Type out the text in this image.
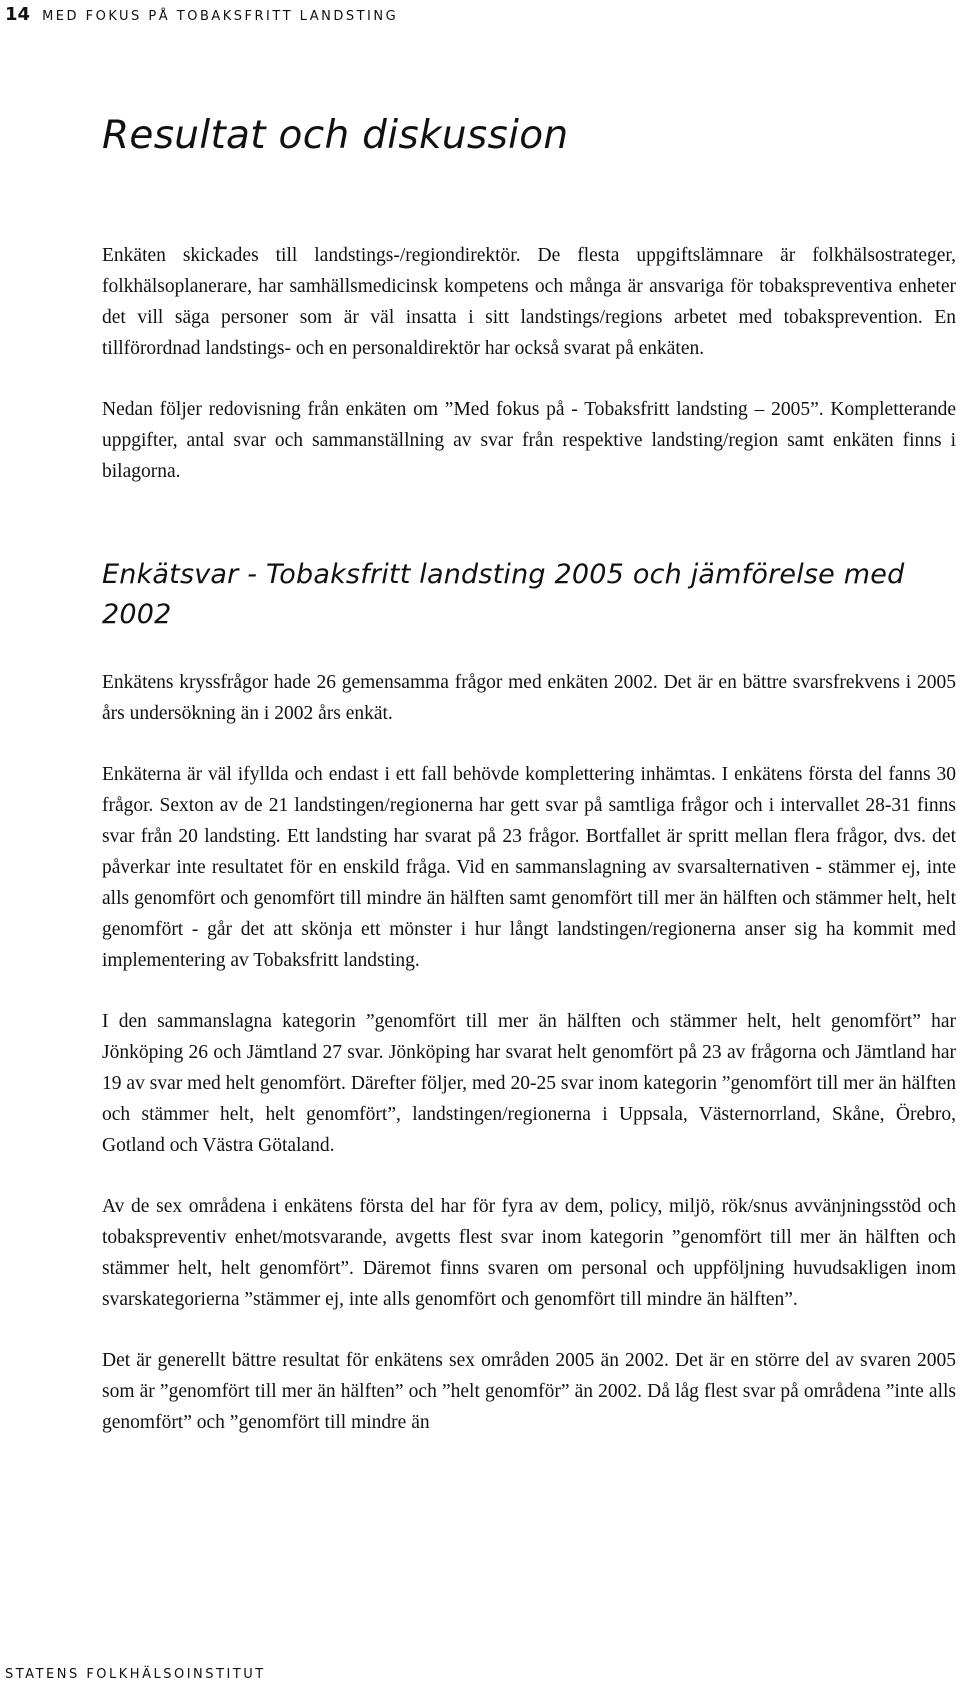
14 MED FOKUS PÅ TOBAKSFRITT LANDSTING
Resultat och diskussion

Enkäten skickades till landstings-/regiondirektör. De flesta uppgiftslämnare är folkhälsostrateger, folkhälsoplanerare, har samhällsmedicinsk kompetens och många är ansvariga för tobakspreventiva enheter det vill säga personer som är väl insatta i sitt landstings/regions arbetet med tobaksprevention. En tillförordnad landstings- och en personaldirektör har också svarat på enkäten.

Nedan följer redovisning från enkäten om ”Med fokus på - Tobaksfritt landsting – 2005”. Kompletterande uppgifter, antal svar och sammanställning av svar från respektive landsting/region samt enkäten finns i bilagorna.

Enkätsvar - Tobaksfritt landsting 2005 och jämförelse med 2002

Enkätens kryssfrågor hade 26 gemensamma frågor med enkäten 2002. Det är en bättre svarsfrekvens i 2005 års undersökning än i 2002 års enkät.

Enkäterna är väl ifyllda och endast i ett fall behövde komplettering inhämtas. I enkätens första del fanns 30 frågor. Sexton av de 21 landstingen/regionerna har gett svar på samtliga frågor och i intervallet 28-31 finns svar från 20 landsting. Ett landsting har svarat på 23 frågor. Bortfallet är spritt mellan flera frågor, dvs. det påverkar inte resultatet för en enskild fråga. Vid en sammanslagning av svarsalternativen - stämmer ej, inte alls genomfört och genomfört till mindre än hälften samt genomfört till mer än hälften och stämmer helt, helt genomfört - går det att skönja ett mönster i hur långt landstingen/regionerna anser sig ha kommit med implementering av Tobaksfritt landsting.

I den sammanslagna kategorin ”genomfört till mer än hälften och stämmer helt, helt genomfört” har Jönköping 26 och Jämtland 27 svar. Jönköping har svarat helt genomfört på 23 av frågorna och Jämtland har 19 av svar med helt genomfört. Därefter följer, med 20-25 svar inom kategorin ”genomfört till mer än hälften och stämmer helt, helt genomfört”, landstingen/regionerna i Uppsala, Västernorrland, Skåne, Örebro, Gotland och Västra Götaland.

Av de sex områdena i enkätens första del har för fyra av dem, policy, miljö, rök/snus avvänjningsstöd och tobakspreventiv enhet/motsvarande, avgetts flest svar inom kategorin ”genomfört till mer än hälften och stämmer helt, helt genomfört”. Däremot finns svaren om personal och uppföljning huvudsakligen inom svarskategorierna ”stämmer ej, inte alls genomfört och genomfört till mindre än hälften”.

Det är generellt bättre resultat för enkätens sex områden 2005 än 2002. Det är en större del av svaren 2005 som är ”genomfört till mer än hälften” och ”helt genomför” än 2002. Då låg flest svar på områdena ”inte alls genomfört” och ”genomfört till mindre än

STATENS FOLKHÄLSOINSTITUT
